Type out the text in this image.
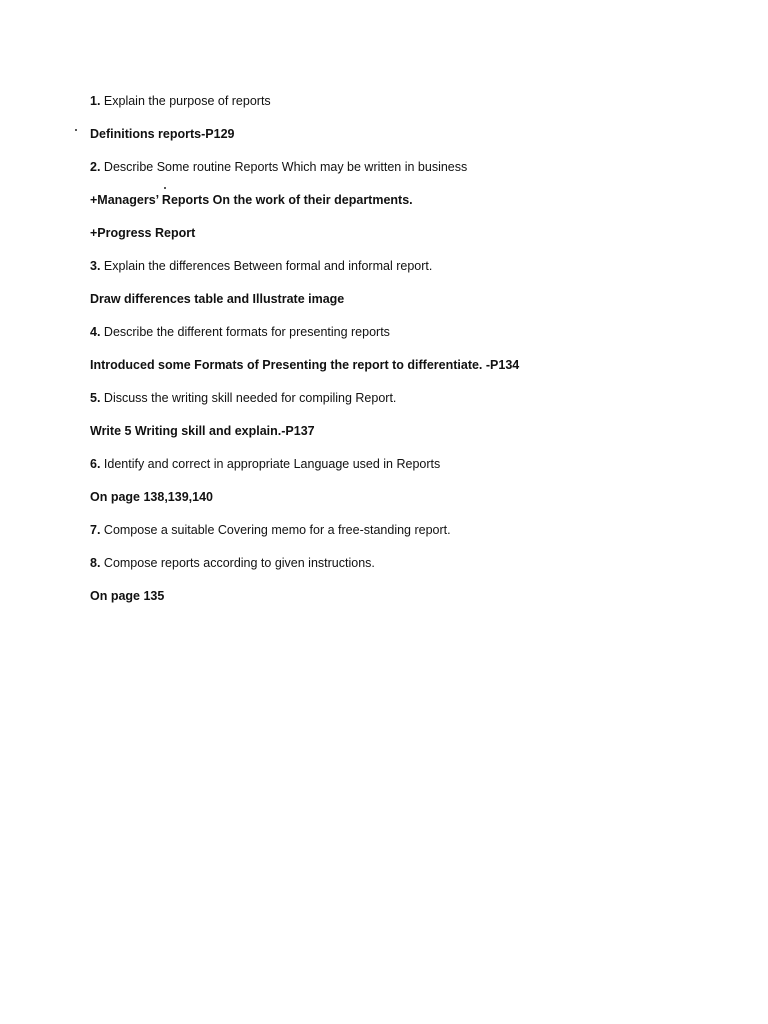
1. Explain the purpose of reports
Definitions reports-P129
2. Describe Some routine Reports Which may be written in business
+Managers’ Reports On the work of their departments.
+Progress Report
3. Explain the differences Between formal and informal report.
Draw differences table and Illustrate image
4. Describe the different formats for presenting reports
Introduced some Formats of Presenting the report to differentiate. -P134
5. Discuss the writing skill needed for compiling Report.
Write 5 Writing skill and explain.-P137
6. Identify and correct in appropriate Language used in Reports
On page 138,139,140
7. Compose a suitable Covering memo for a free-standing report.
8. Compose reports according to given instructions.
On page 135
